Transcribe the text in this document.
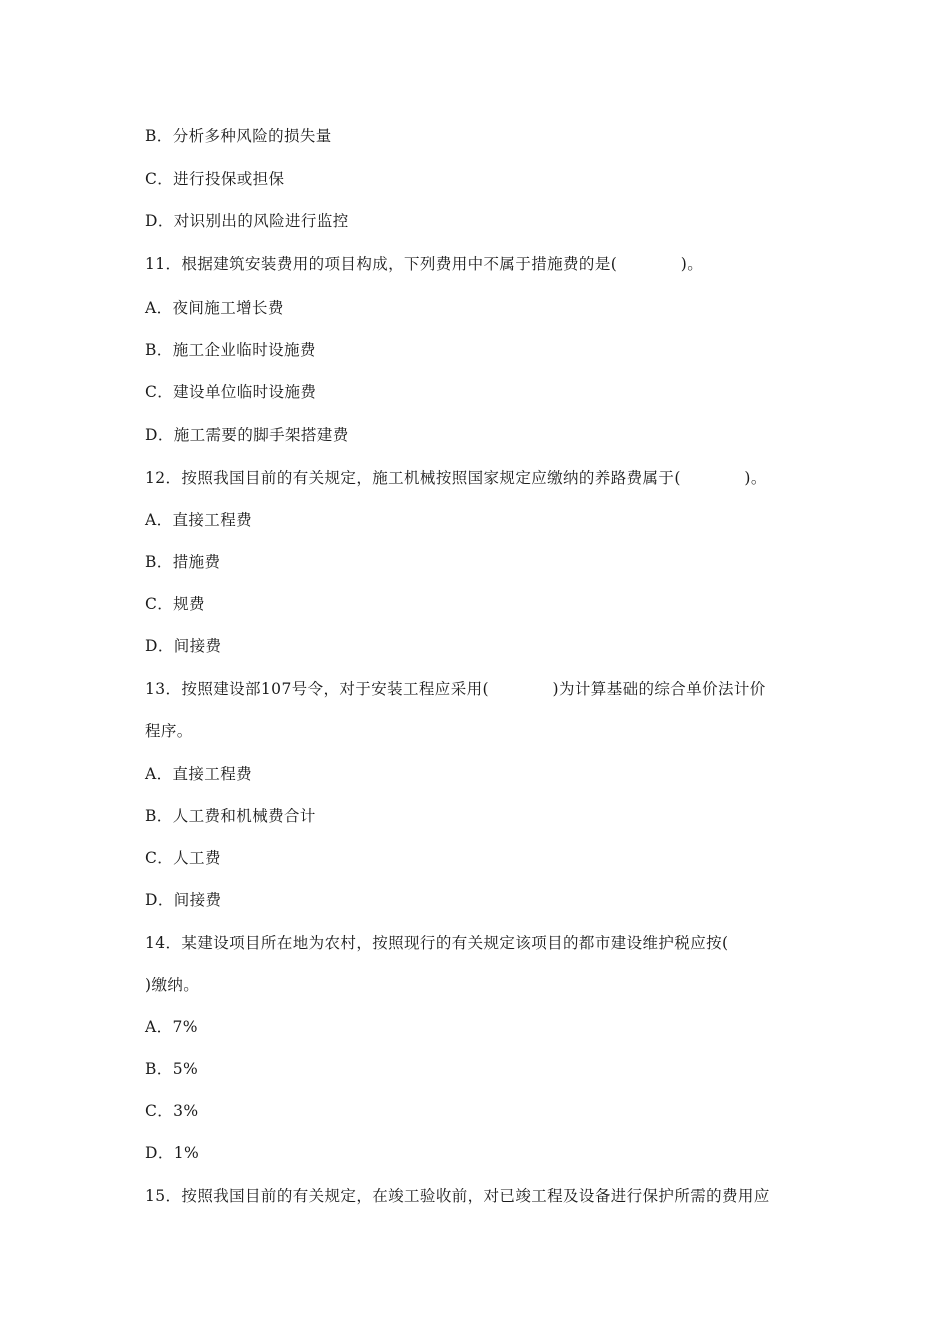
B．分析多种风险的损失量
C．进行投保或担保
D．对识别出的风险进行监控
11．根据建筑安装费用的项目构成，下列费用中不属于措施费的是(　　　　)。
A．夜间施工增长费
B．施工企业临时设施费
C．建设单位临时设施费
D．施工需要的脚手架搭建费
12．按照我国目前的有关规定，施工机械按照国家规定应缴纳的养路费属于(　　　　)。
A．直接工程费
B．措施费
C．规费
D．间接费
13．按照建设部107号令，对于安装工程应采用(　　　　)为计算基础的综合单价法计价
程序。
A．直接工程费
B．人工费和机械费合计
C．人工费
D．间接费
14．某建设项目所在地为农村，按照现行的有关规定该项目的都市建设维护税应按(
)缴纳。
A．7%
B．5%
C．3%
D．1%
15．按照我国目前的有关规定，在竣工验收前，对已竣工程及设备进行保护所需的费用应
